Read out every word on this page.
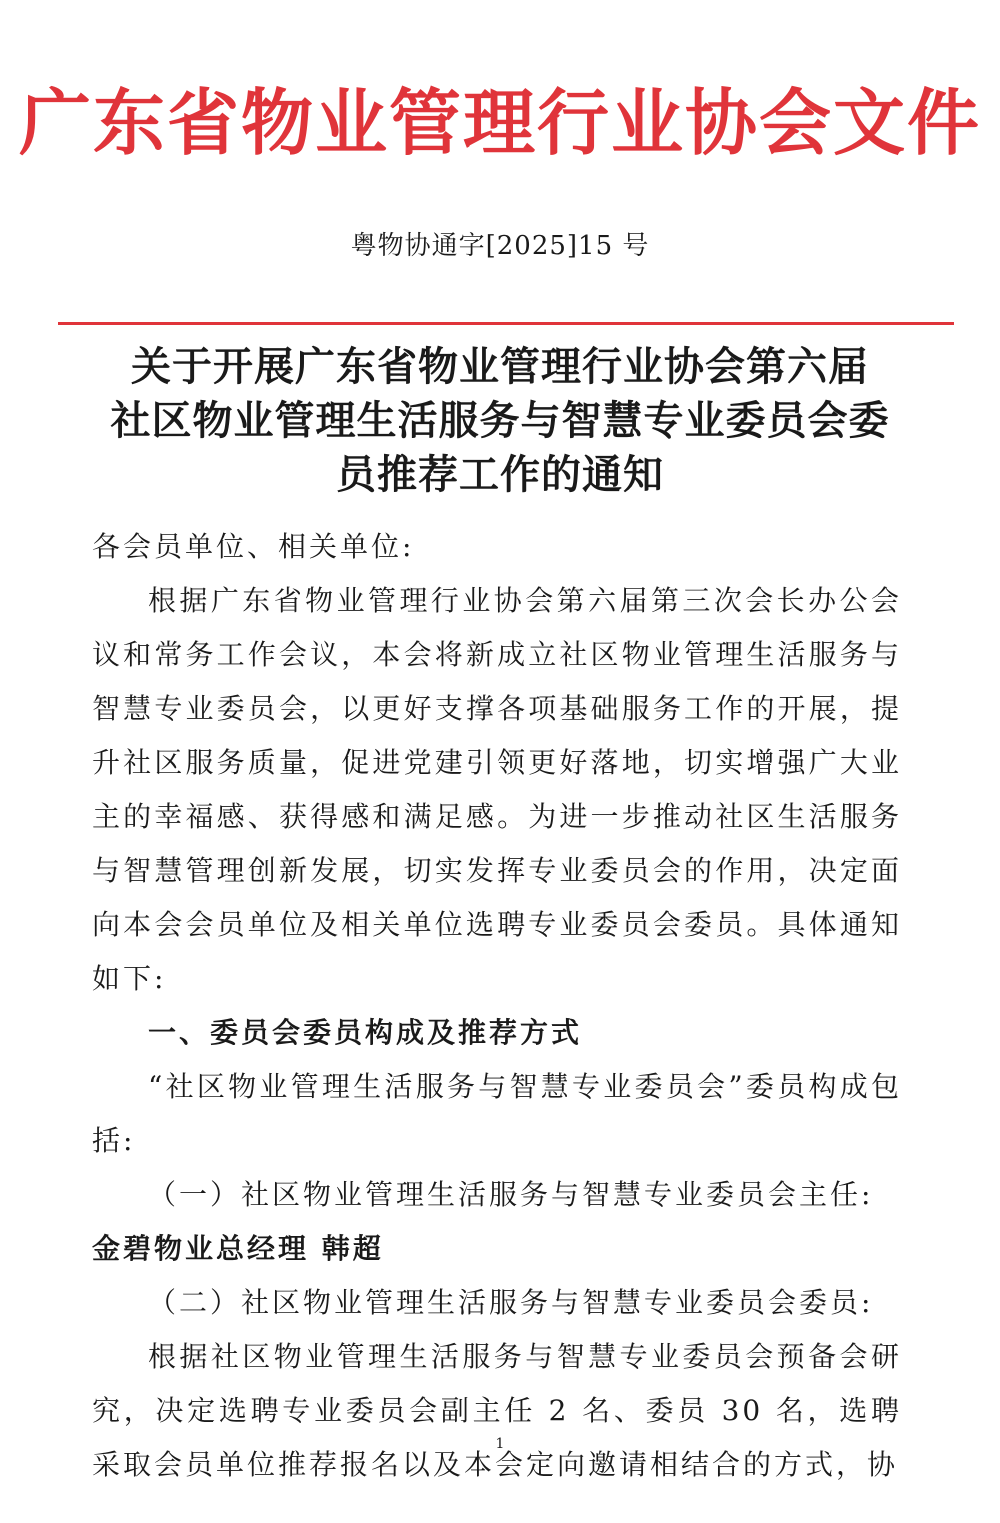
广东省物业管理行业协会文件
粤物协通字[2025]15 号
关于开展广东省物业管理行业协会第六届
社区物业管理生活服务与智慧专业委员会委
员推荐工作的通知

各会员单位、相关单位:

根据广东省物业管理行业协会第六届第三次会长办公会议和常务工作会议，本会将新成立社区物业管理生活服务与智慧专业委员会，以更好支撑各项基础服务工作的开展，提升社区服务质量，促进党建引领更好落地，切实增强广大业主的幸福感、获得感和满足感。为进一步推动社区生活服务与智慧管理创新发展，切实发挥专业委员会的作用，决定面向本会会员单位及相关单位选聘专业委员会委员。具体通知如下:

一、委员会委员构成及推荐方式

“社区物业管理生活服务与智慧专业委员会”委员构成包括:

（一）社区物业管理生活服务与智慧专业委员会主任:

金碧物业总经理 韩超

（二）社区物业管理生活服务与智慧专业委员会委员:

根据社区物业管理生活服务与智慧专业委员会预备会研究，决定选聘专业委员会副主任 2 名、委员 30 名，选聘采取会员单位推荐报名以及本会定向邀请相结合的方式，协

1
